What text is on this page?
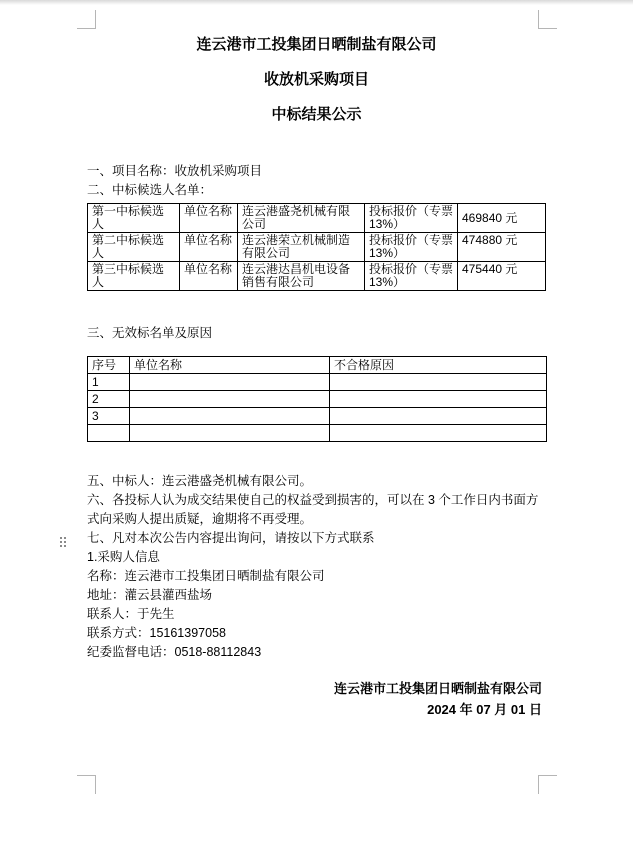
连云港市工投集团日晒制盐有限公司
收放机采购项目
中标结果公示

一、项目名称：收放机采购项目

二、中标候选人名单：

第一中标候选人	单位名称	连云港盛尧机械有限公司	投标报价（专票13%）	469840 元
第二中标候选人	单位名称	连云港荣立机械制造有限公司	投标报价（专票13%）	474880 元
第三中标候选人	单位名称	连云港达昌机电设备销售有限公司	投标报价（专票13%）	475440 元

三、无效标名单及原因

序号	单位名称	不合格原因
1		
2		
3		

五、中标人：连云港盛尧机械有限公司。

六、各投标人认为成交结果使自己的权益受到损害的，可以在 3 个工作日内书面方式向采购人提出质疑，逾期将不再受理。

七、凡对本次公告内容提出询问，请按以下方式联系

1.采购人信息

名称：连云港市工投集团日晒制盐有限公司

地址：灌云县灌西盐场

联系人：于先生

联系方式：15161397058

纪委监督电话：0518-88112843

连云港市工投集团日晒制盐有限公司
2024 年 07 月 01 日
